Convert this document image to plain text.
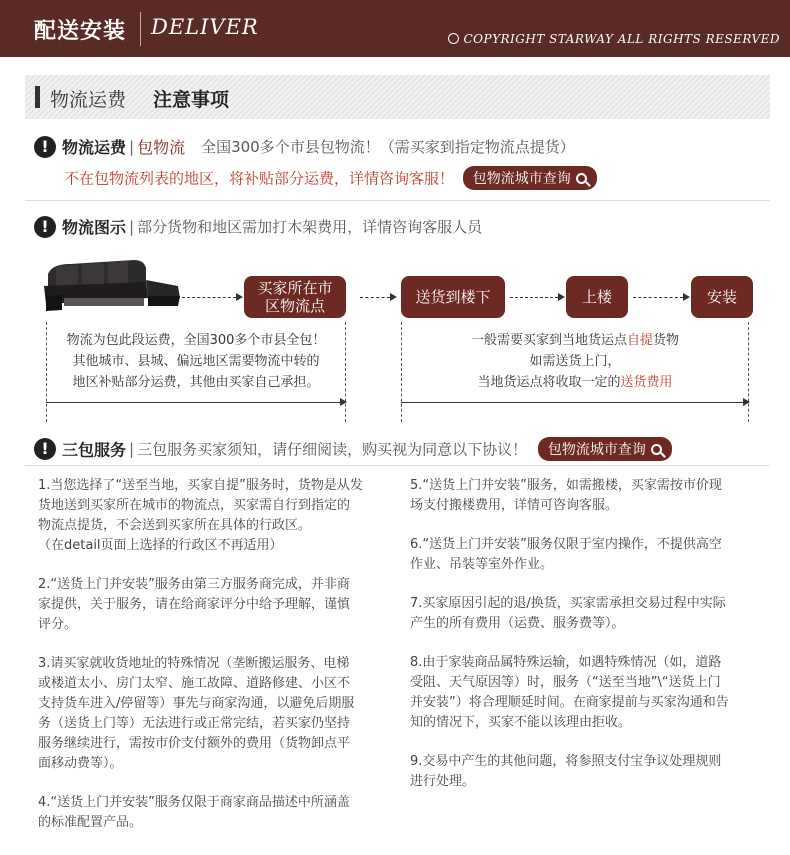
配送安装 DELIVER	COPYRIGHT STARWAY ALL RIGHTS RESERVED
物流运费 注意事项
! 物流运费 | 包物流 全国300多个市县包物流！（需买家到指定物流点提货）
不在包物流列表的地区，将补贴部分运费，详情咨询客服！ 包物流城市查询
! 物流图示 | 部分货物和地区需加打木架费用，详情咨询客服人员
买家所在市
区物流点	送货到楼下	上楼	安装
物流为包此段运费，全国300多个市县全包！
其他城市、县城、偏远地区需要物流中转的
地区补贴部分运费，其他由买家自己承担。
一般需要买家到当地货运点自提货物
如需送货上门，
当地货运点将收取一定的送货费用
! 三包服务 | 三包服务买家须知，请仔细阅读，购买视为同意以下协议！ 包物流城市查询

1.当您选择了“送至当地，买家自提”服务时，货物是从发
货地送到买家所在城市的物流点，买家需自行到指定的
物流点提货，不会送到买家所在具体的行政区。
（在detail页面上选择的行政区不再适用）

2.“送货上门并安装”服务由第三方服务商完成，并非商
家提供，关于服务，请在给商家评分中给予理解，谨慎
评分。

3.请买家就收货地址的特殊情况（垄断搬运服务、电梯
或楼道太小、房门太窄、施工故障、道路修建、小区不
支持货车进入/停留等）事先与商家沟通，以避免后期服
务（送货上门等）无法进行或正常完结，若买家仍坚持
服务继续进行，需按市价支付额外的费用（货物卸点平
面移动费等）。

4.“送货上门并安装”服务仅限于商家商品描述中所涵盖
的标准配置产品。

5.“送货上门并安装”服务，如需搬楼，买家需按市价现
场支付搬楼费用，详情可咨询客服。

6.“送货上门并安装”服务仅限于室内操作，不提供高空
作业、吊装等室外作业。

7.买家原因引起的退/换货，买家需承担交易过程中实际
产生的所有费用（运费、服务费等）。

8.由于家装商品属特殊运输，如遇特殊情况（如，道路
受阻、天气原因等）时，服务（“送至当地”\“送货上门
并安装”）将合理顺延时间。在商家提前与买家沟通和告
知的情况下，买家不能以该理由拒收。

9.交易中产生的其他问题，将参照支付宝争议处理规则
进行处理。
